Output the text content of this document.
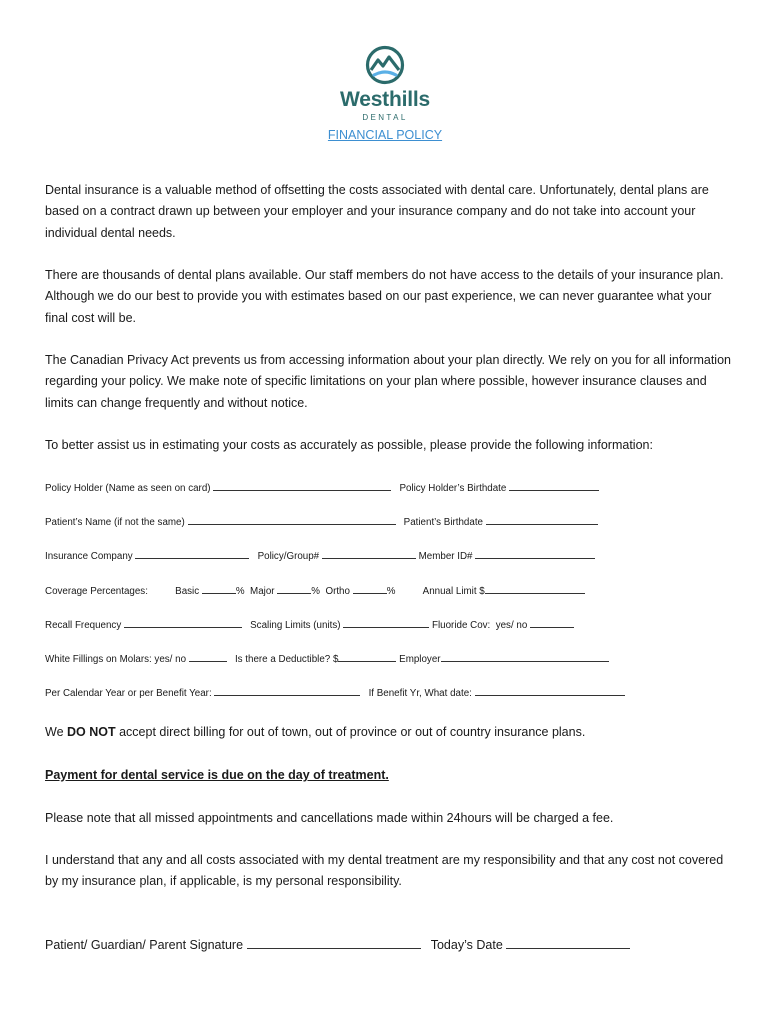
Westhills
DENTAL
FINANCIAL POLICY

Dental insurance is a valuable method of offsetting the costs associated with dental care. Unfortunately, dental plans are based on a contract drawn up between your employer and your insurance company and do not take into account your individual dental needs.

There are thousands of dental plans available. Our staff members do not have access to the details of your insurance plan. Although we do our best to provide you with estimates based on our past experience, we can never guarantee what your final cost will be.

The Canadian Privacy Act prevents us from accessing information about your plan directly. We rely on you for all information regarding your policy. We make note of specific limitations on your plan where possible, however insurance clauses and limits can change frequently and without notice.

To better assist us in estimating your costs as accurately as possible, please provide the following information:

Policy Holder (Name as seen on card)	Policy Holder’s Birthdate
Patient’s Name (if not the same)	Patient’s Birthdate
Insurance Company	Policy/Group#	Member ID#
Coverage Percentages:	Basic	% Major	% Ortho	%	Annual Limit $
Recall Frequency	Scaling Limits (units)	Fluoride Cov:  yes/ no
White Fillings on Molars: yes/ no	Is there a Deductible? $	Employer
Per Calendar Year or per Benefit Year:	If Benefit Yr, What date:

We DO NOT accept direct billing for out of town, out of province or out of country insurance plans.

Payment for dental service is due on the day of treatment.

Please note that all missed appointments and cancellations made within 24hours will be charged a fee.

I understand that any and all costs associated with my dental treatment are my responsibility and that any cost not covered by my insurance plan, if applicable, is my personal responsibility.

Patient/ Guardian/ Parent Signature	Today’s Date
